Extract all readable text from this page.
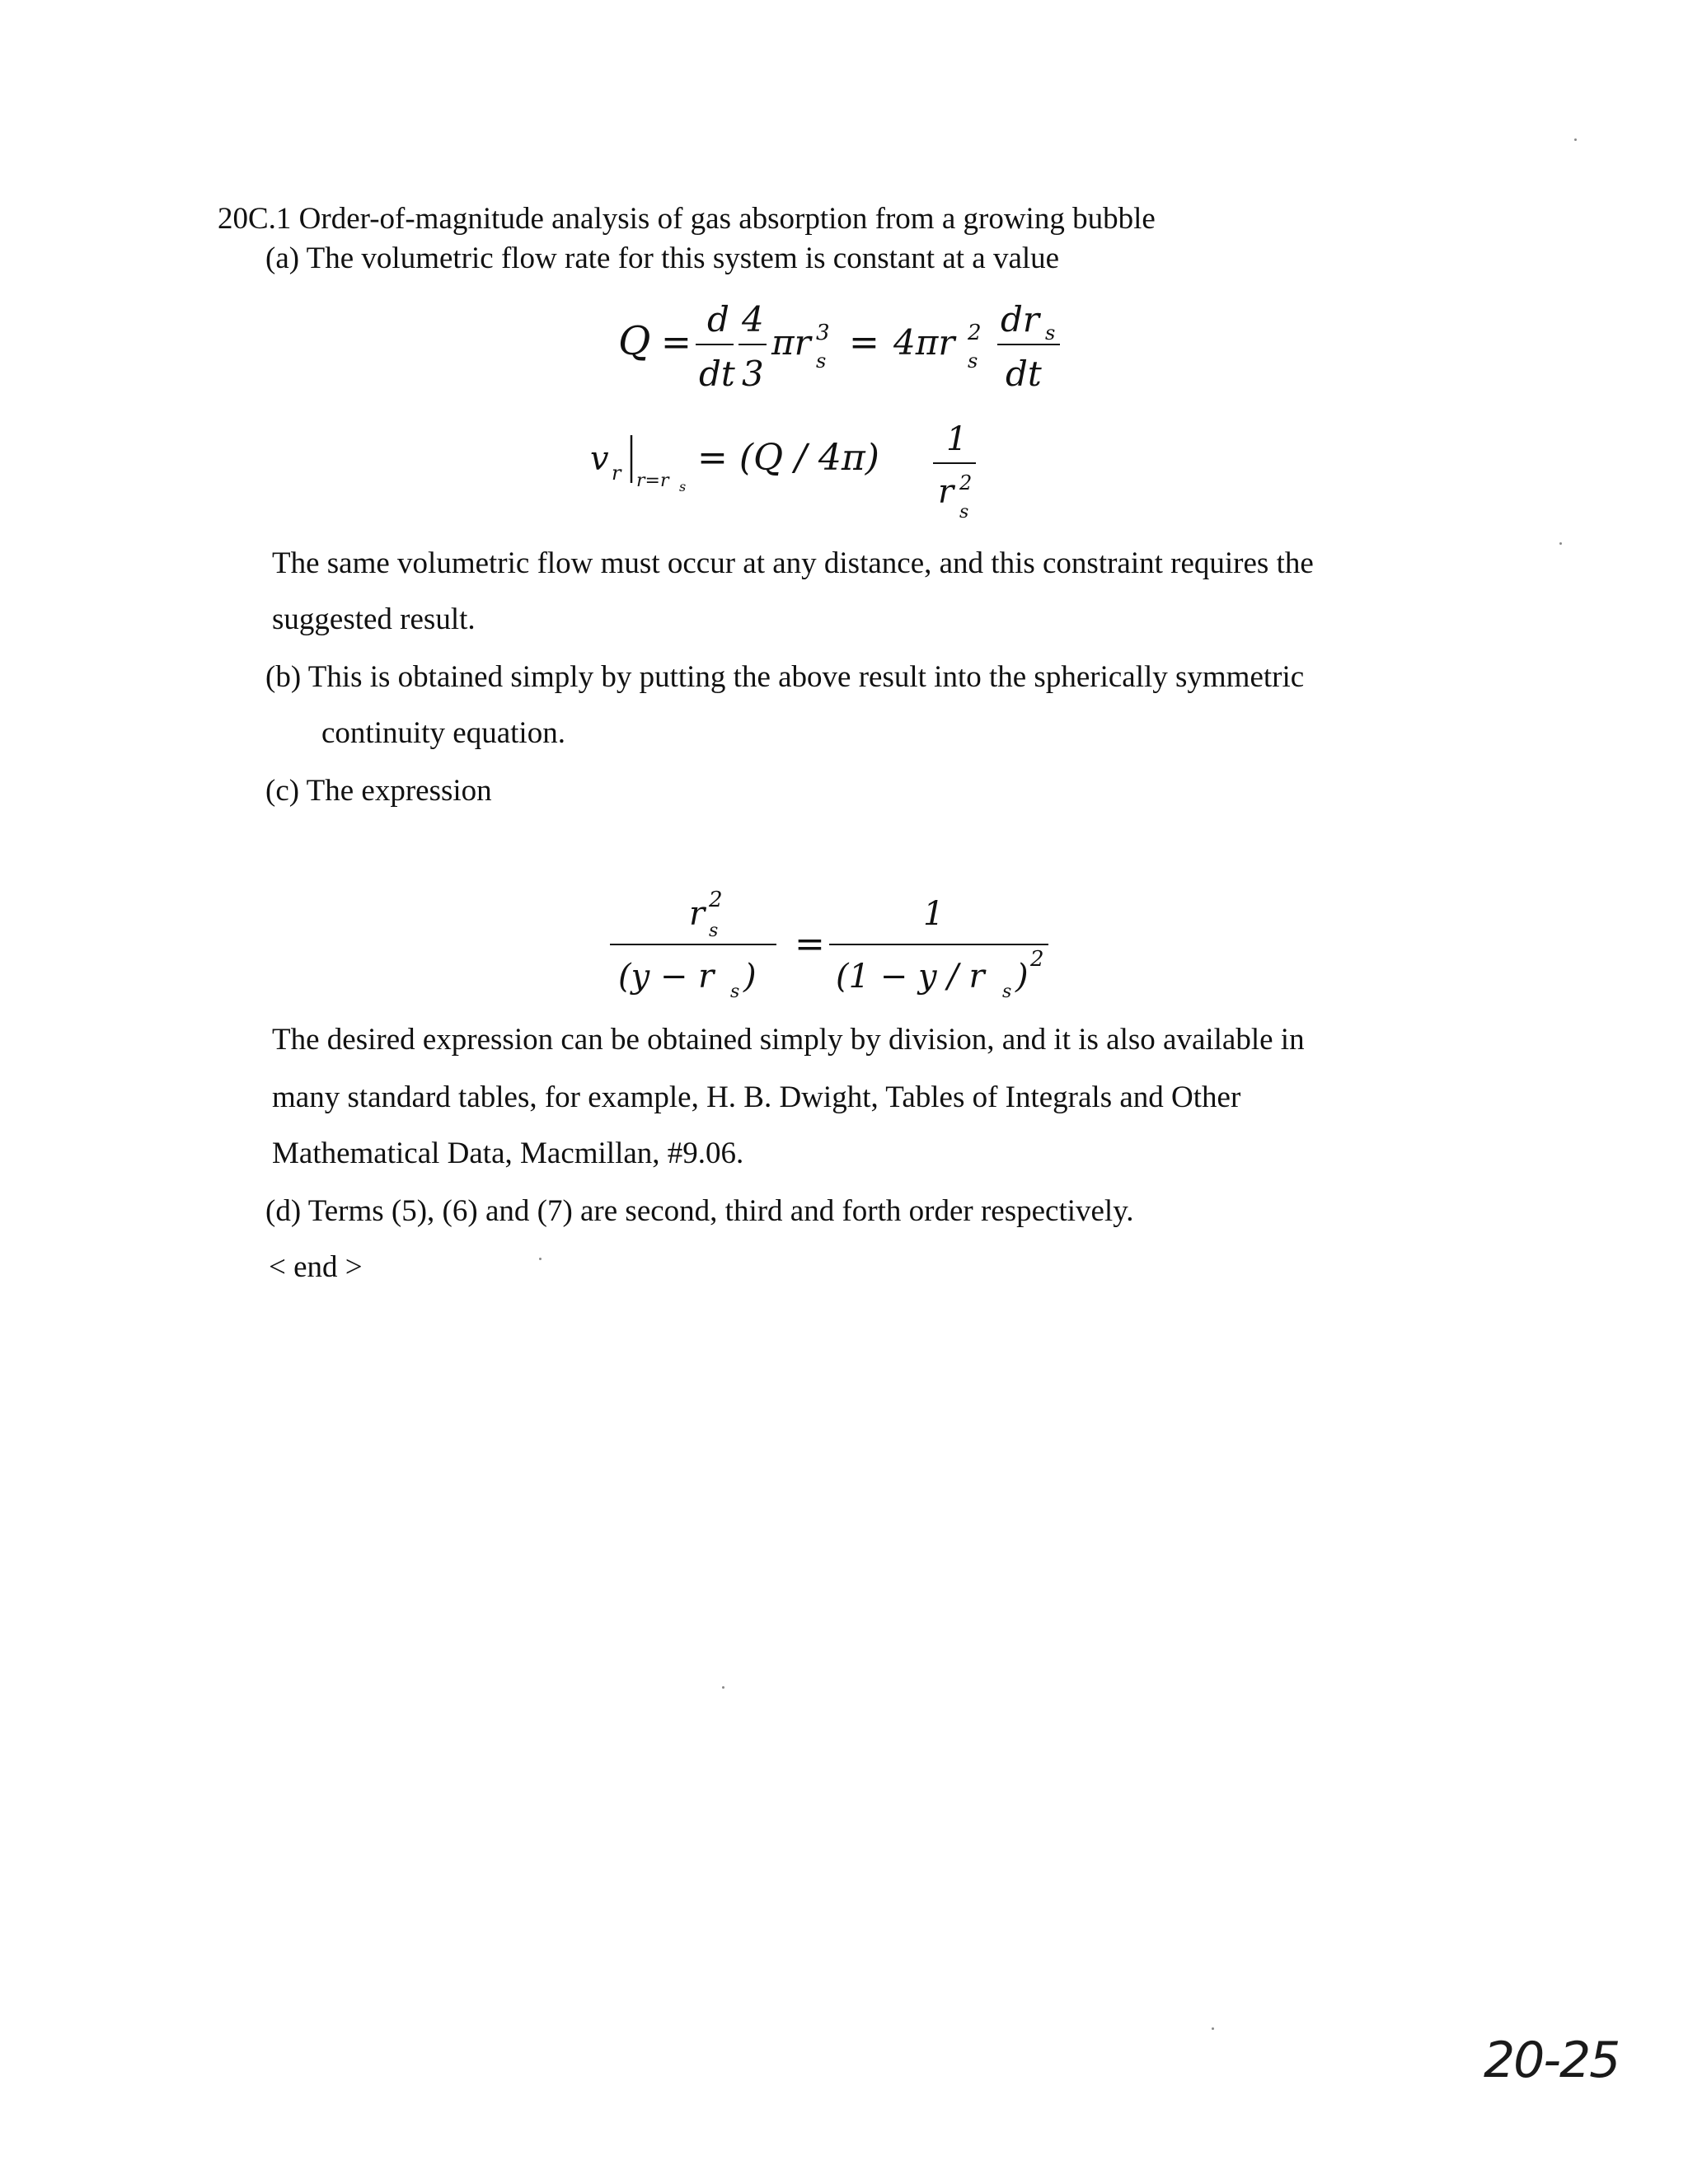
20C.1 Order-of-magnitude analysis of gas absorption from a growing bubble
(a) The volumetric flow rate for this system is constant at a value
Q =
d
dt
4
3
πr 3
s = 4πr 2
s
dr s
dt
v r r=r s
= (Q / 4π) 1
r 2
s
The same volumetric flow must occur at any distance, and this constraint requires the
suggested result.
(b) This is obtained simply by putting the above result into the spherically symmetric
continuity equation.
(c) The expression
r 2
s
(y − r s )
=
1
(1 − y / r s ) 2
The desired expression can be obtained simply by division, and it is also available in
many standard tables, for example, H. B. Dwight, Tables of Integrals and Other
Mathematical Data, Macmillan, #9.06.
(d) Terms (5), (6) and (7) are second, third and forth order respectively.
< end >
20-25
